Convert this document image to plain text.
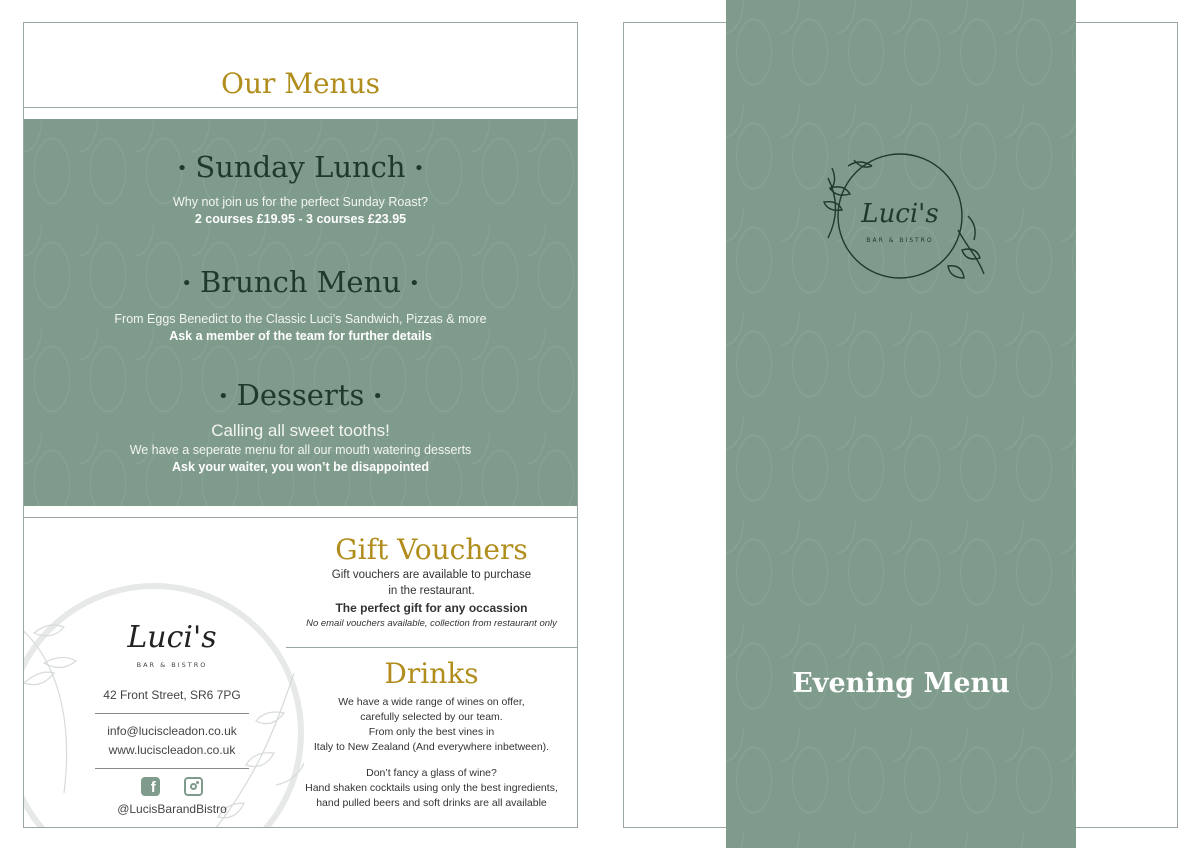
Our Menus
• Sunday Lunch •
Why not join us for the perfect Sunday Roast?
2 courses £19.95 - 3 courses £23.95
• Brunch Menu •
From Eggs Benedict to the Classic Luci’s Sandwich, Pizzas & more
Ask a member of the team for further details
• Desserts •
Calling all sweet tooths!
We have a seperate menu for all our mouth watering desserts
Ask your waiter, you won’t be disappointed
Gift Vouchers
Gift vouchers are available to purchase
in the restaurant.
The perfect gift for any occassion
No email vouchers available, collection from restaurant only
Drinks
We have a wide range of wines on offer,
carefully selected by our team.
From only the best vines in
Italy to New Zealand (And everywhere inbetween).
Don’t fancy a glass of wine?
Hand shaken cocktails using only the best ingredients,
hand pulled beers and soft drinks are all available
Luci's
BAR & BISTRO
42 Front Street, SR6 7PG
info@luciscleadon.co.uk
www.luciscleadon.co.uk
f
@LucisBarandBistro
Luci's
BAR & BISTRO
Evening Menu
